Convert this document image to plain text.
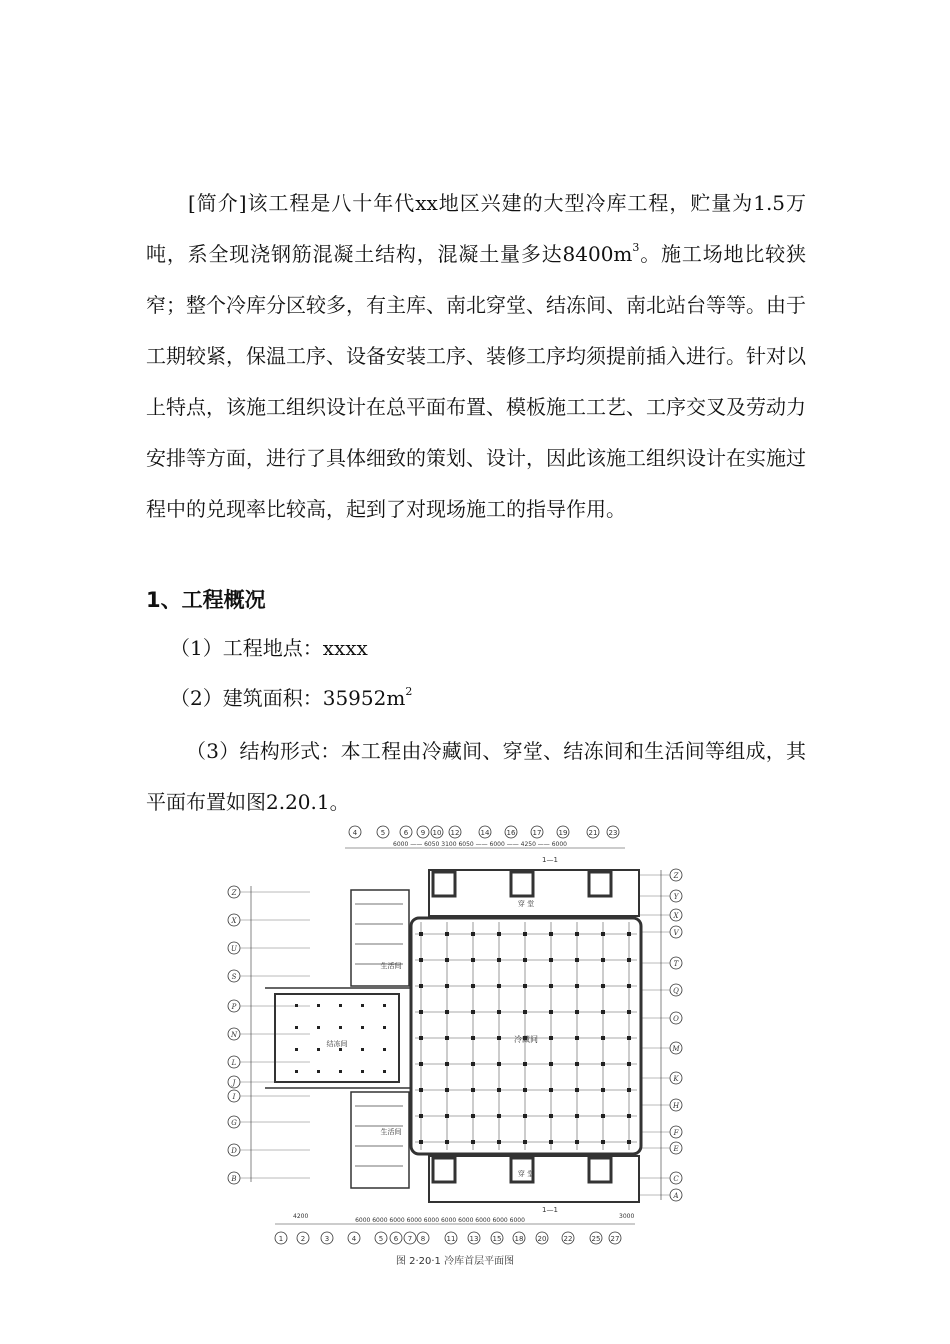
[简介]该工程是八十年代xx地区兴建的大型冷库工程，贮量为1.5万吨，系全现浇钢筋混凝土结构，混凝土量多达$8400m^3$。施工场地比较狭窄；整个冷库分区较多，有主库、南北穿堂、结冻间、南北站台等等。由于工期较紧，保温工序、设备安装工序、装修工序均须提前插入进行。针对以上特点，该施工组织设计在总平面布置、模板施工工艺、工序交叉及劳动力安排等方面，进行了具体细致的策划、设计，因此该施工组织设计在实施过程中的兑现率比较高，起到了对现场施工的指导作用。

1、工程概况
（1）工程地点：xxxx
（2）建筑面积：$35952m^2$

（3）结构形式：本工程由冷藏间、穿堂、结冻间和生活间等组成，其平面布置如图2.20.1。

4	5	6 9 10 12	14 16 17 19	21 23
6000 —— 6050 3100 6050 —— 6000 —— 4250 —— 6000
1—1
1	2	3	4	5 6 7 8	11 13 15 18 20 22	25 27
6000 6000 6000 6000 6000 6000 6000 6000 6000 6000
4200	3000
1—1
Z
Y
X
V
T
Q
O
M
K
H
F
E
C
A
Z
X
U
S
P
N
L
J
I
G
D
B
冷藏间
穿 堂
穿 堂
结冻间
生活间
生活间
图 2·20·1 冷库首层平面图
